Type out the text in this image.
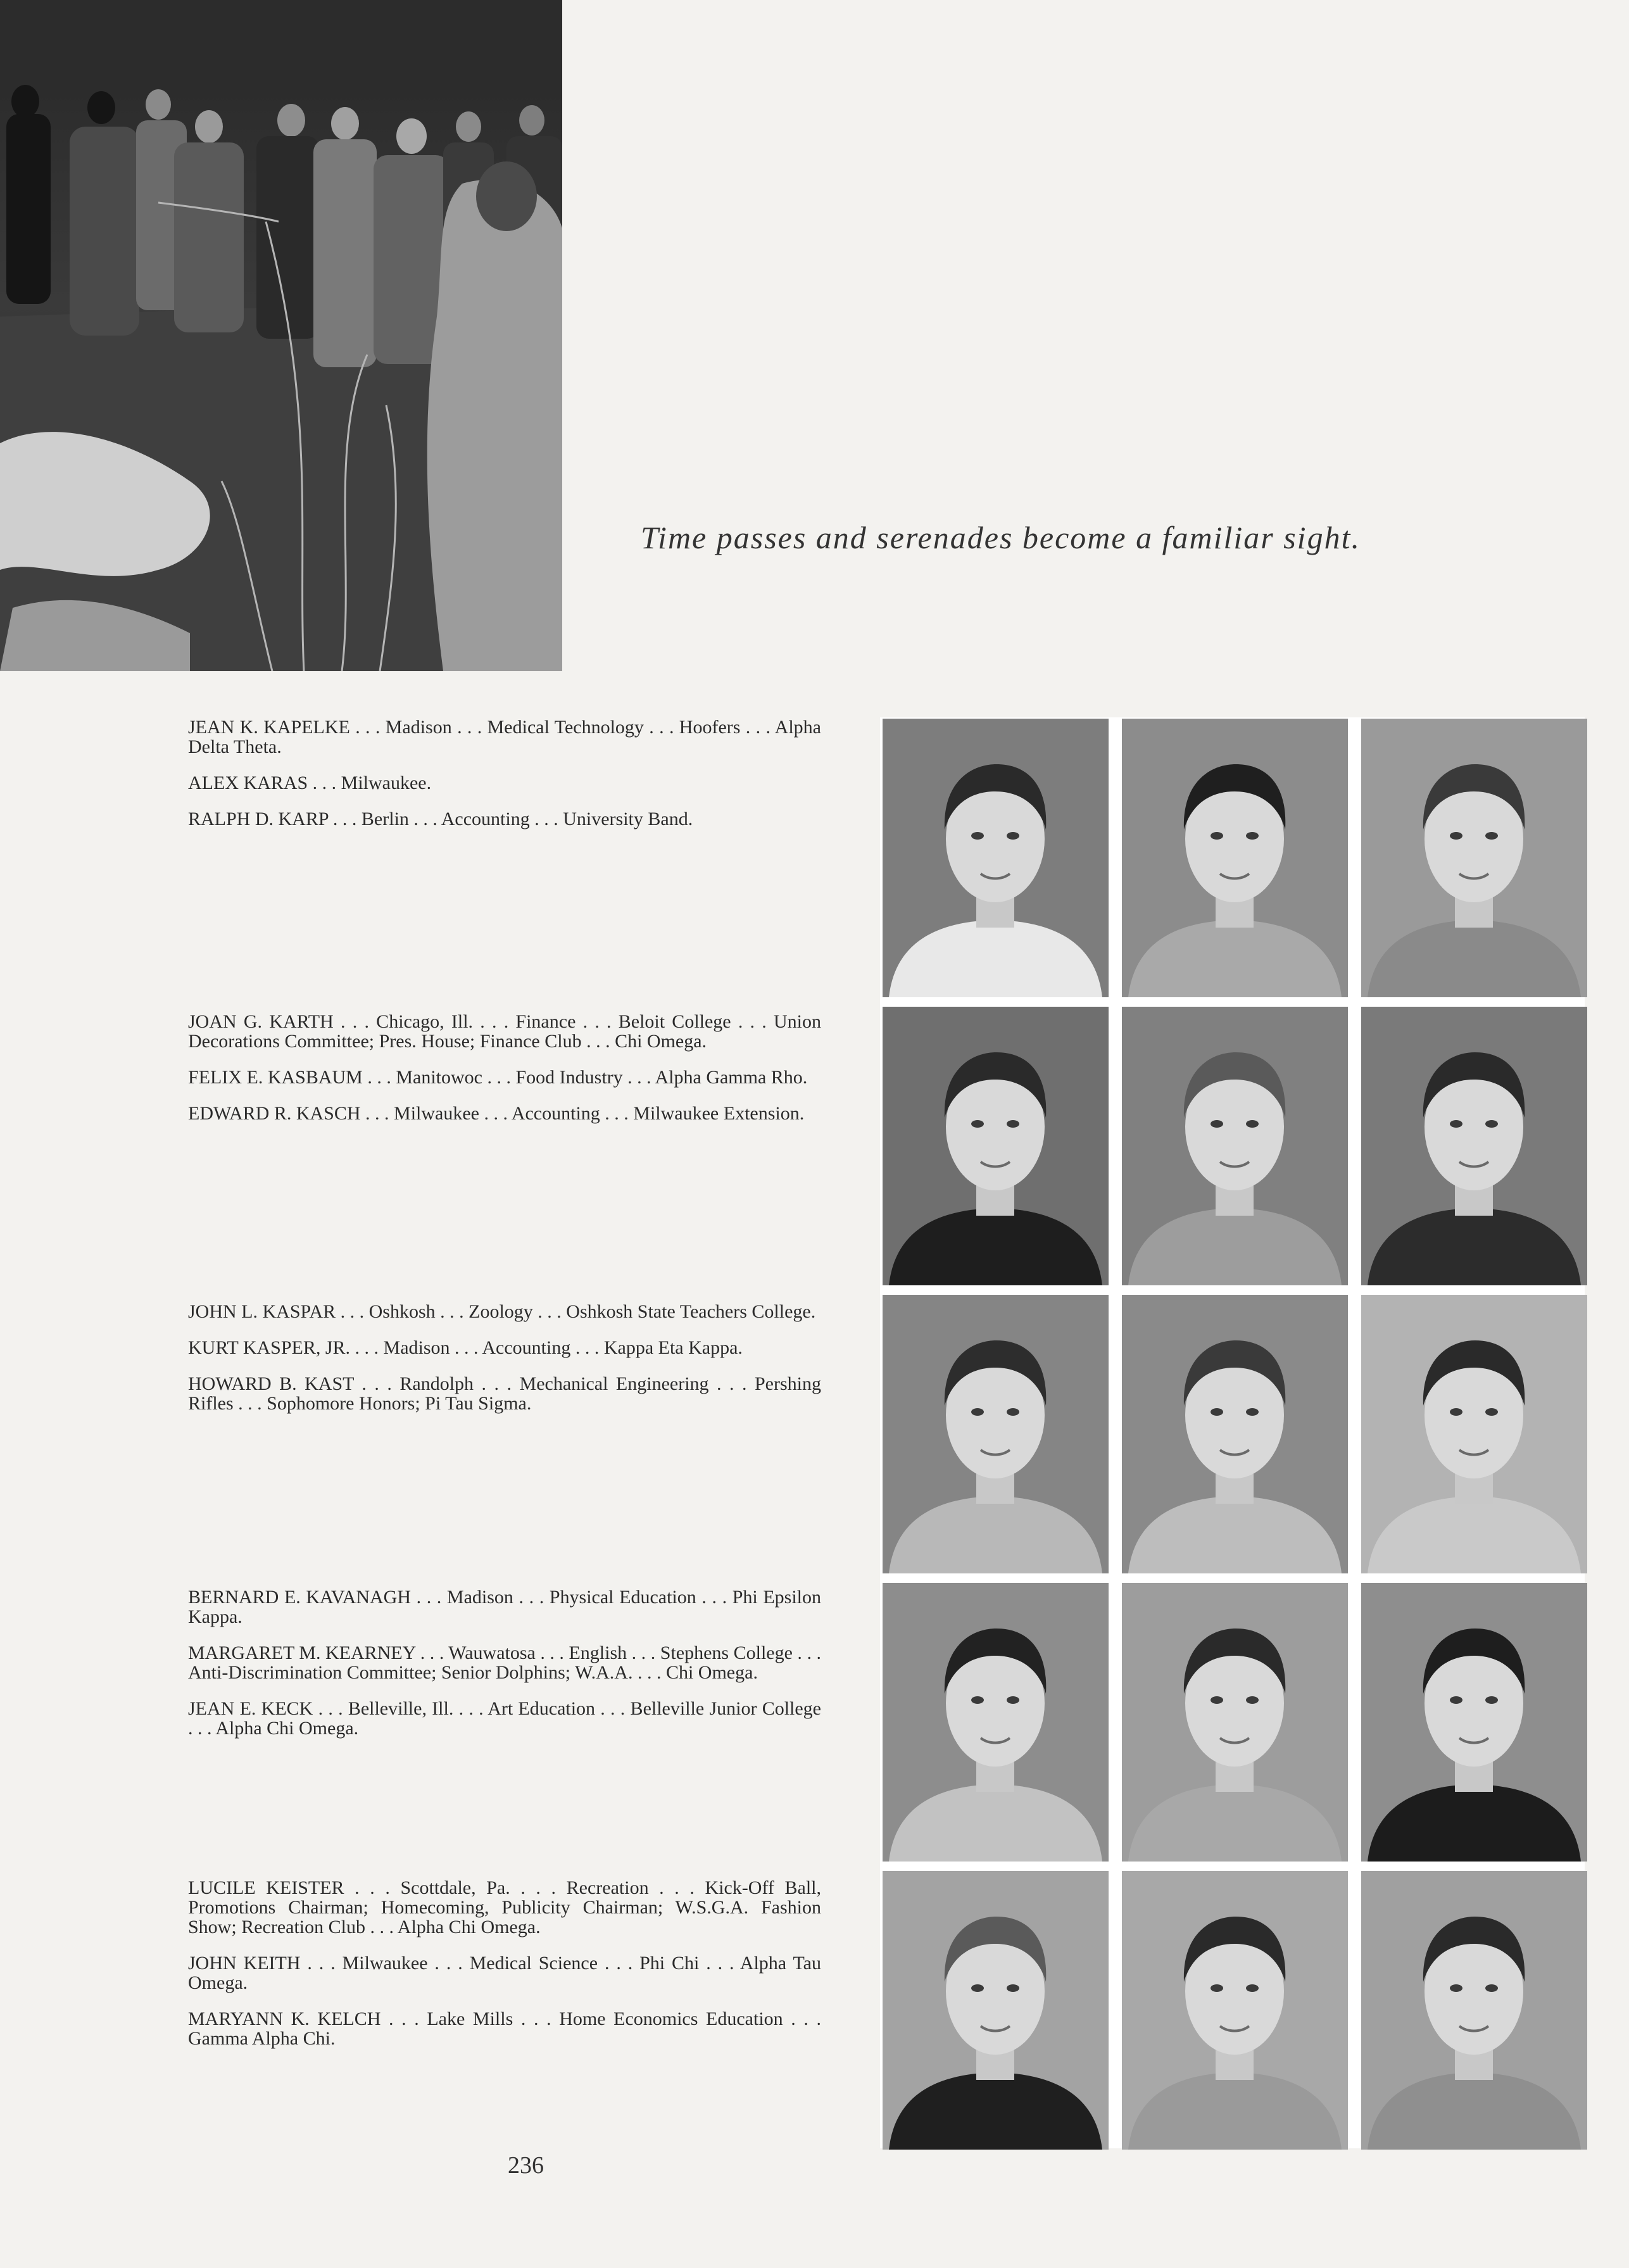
Time passes and serenades become a familiar sight.

JEAN K. KAPELKE . . . Madison . . . Medical Technology . . . Hoofers . . . Alpha Delta Theta.

ALEX KARAS . . . Milwaukee.

RALPH D. KARP . . . Berlin . . . Accounting . . . University Band.

JOAN G. KARTH . . . Chicago, Ill. . . . Finance . . . Beloit College . . . Union Decorations Committee; Pres. House; Finance Club . . . Chi Omega.

FELIX E. KASBAUM . . . Manitowoc . . . Food Industry . . . Alpha Gamma Rho.

EDWARD R. KASCH . . . Milwaukee . . . Accounting . . . Milwaukee Extension.

JOHN L. KASPAR . . . Oshkosh . . . Zoology . . . Oshkosh State Teachers College.

KURT KASPER, JR. . . . Madison . . . Accounting . . . Kappa Eta Kappa.

HOWARD B. KAST . . . Randolph . . . Mechanical Engineering . . . Pershing Rifles . . . Sophomore Honors; Pi Tau Sigma.

BERNARD E. KAVANAGH . . . Madison . . . Physical Education . . . Phi Epsilon Kappa.

MARGARET M. KEARNEY . . . Wauwatosa . . . English . . . Stephens College . . . Anti-Discrimination Committee; Senior Dolphins; W.A.A. . . . Chi Omega.

JEAN E. KECK . . . Belleville, Ill. . . . Art Education . . . Belleville Junior College . . . Alpha Chi Omega.

LUCILE KEISTER . . . Scottdale, Pa. . . . Recreation . . . Kick-Off Ball, Promotions Chairman; Homecoming, Publicity Chairman; W.S.G.A. Fashion Show; Recreation Club . . . Alpha Chi Omega.

JOHN KEITH . . . Milwaukee . . . Medical Science . . . Phi Chi . . . Alpha Tau Omega.

MARYANN K. KELCH . . . Lake Mills . . . Home Economics Education . . . Gamma Alpha Chi.

236
